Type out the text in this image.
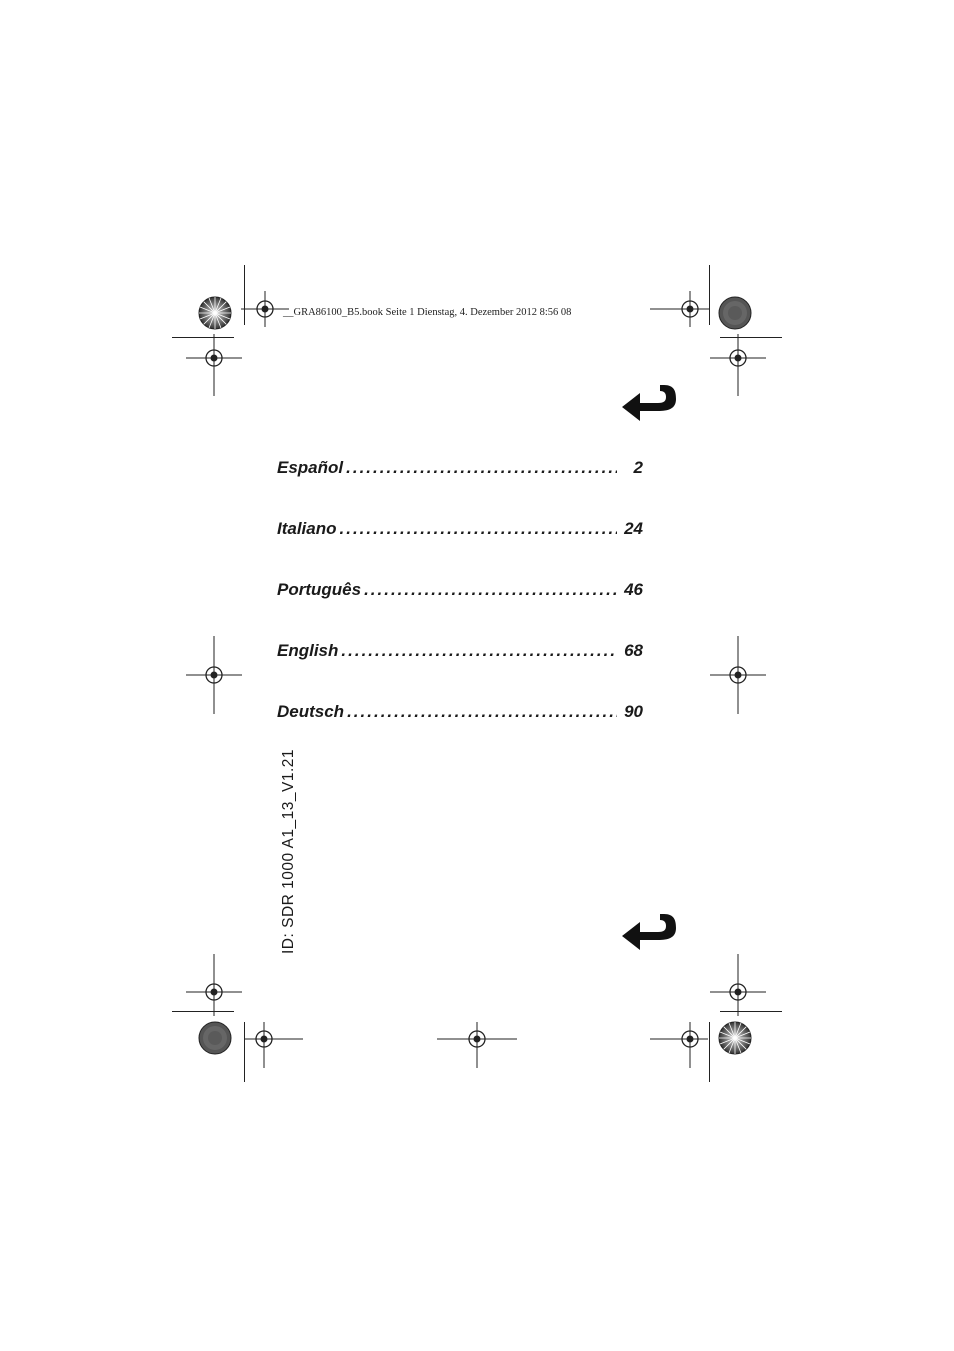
__GRA86100_B5.book Seite 1 Dienstag, 4. Dezember 2012 8:56 08
Español .....	2
Italiano .....	24
Português .....	46
English .....	68
Deutsch .....	90
ID: SDR 1000 A1_13_V1.21
